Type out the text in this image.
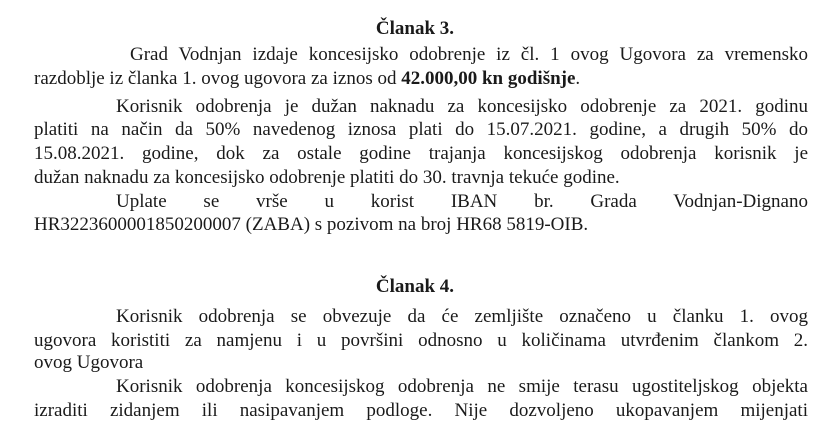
Članak 3.

Grad Vodnjan izdaje koncesijsko odobrenje iz čl. 1 ovog Ugovora za vremensko

razdoblje iz članka 1. ovog ugovora za iznos od 42.000,00 kn godišnje.

Korisnik odobrenja je dužan naknadu za koncesijsko odobrenje za 2021. godinu

platiti na način da 50% navedenog iznosa plati do 15.07.2021. godine, a drugih 50% do

15.08.2021. godine, dok za ostale godine trajanja koncesijskog odobrenja korisnik je

dužan naknadu za koncesijsko odobrenje platiti do 30. travnja tekuće godine.

Uplate se vrše u korist IBAN br. Grada Vodnjan-Dignano

HR3223600001850200007 (ZABA) s pozivom na broj HR68 5819-OIB.

Članak 4.

Korisnik odobrenja se obvezuje da će zemljište označeno u članku 1. ovog

ugovora koristiti za namjenu i u površini odnosno u količinama utvrđenim člankom 2.

ovog Ugovora

Korisnik odobrenja koncesijskog odobrenja ne smije terasu ugostiteljskog objekta

izraditi zidanjem ili nasipavanjem podloge. Nije dozvoljeno ukopavanjem mijenjati
